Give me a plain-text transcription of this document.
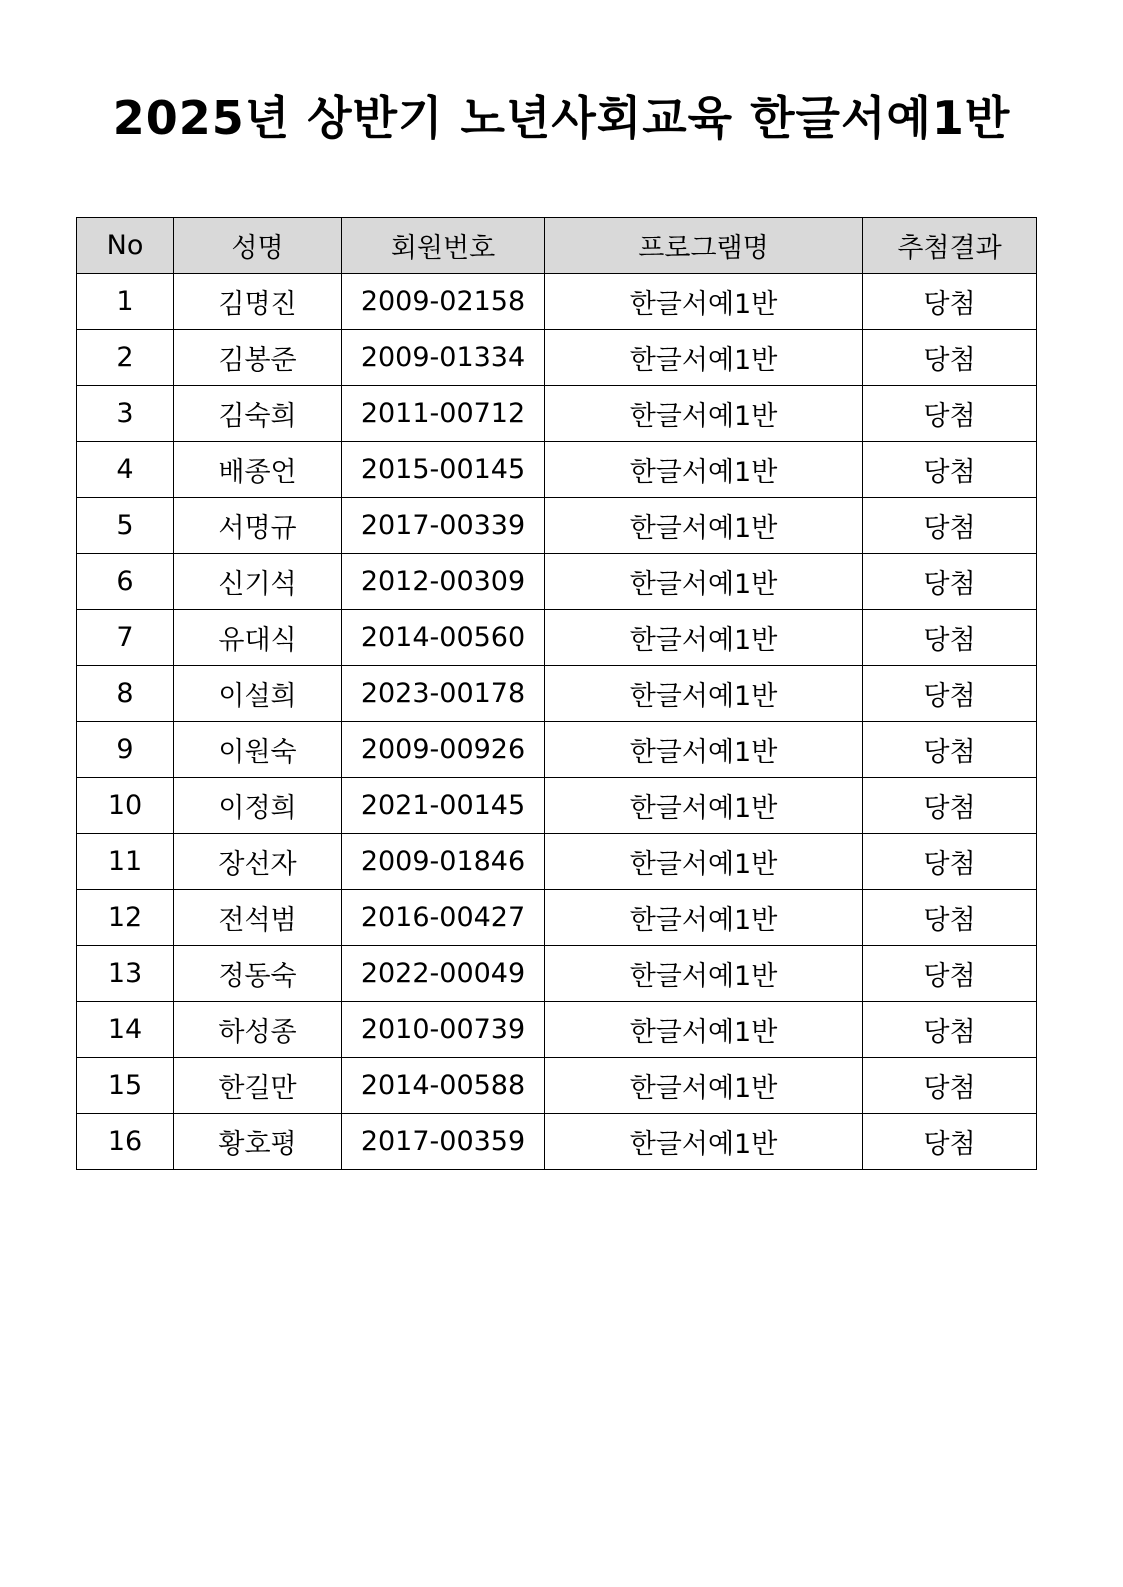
2025년 상반기 노년사회교육 한글서예1반
No	성명	회원번호	프로그램명	추첨결과
1	김명진	2009-02158	한글서예1반	당첨
2	김봉준	2009-01334	한글서예1반	당첨
3	김숙희	2011-00712	한글서예1반	당첨
4	배종언	2015-00145	한글서예1반	당첨
5	서명규	2017-00339	한글서예1반	당첨
6	신기석	2012-00309	한글서예1반	당첨
7	유대식	2014-00560	한글서예1반	당첨
8	이설희	2023-00178	한글서예1반	당첨
9	이원숙	2009-00926	한글서예1반	당첨
10	이정희	2021-00145	한글서예1반	당첨
11	장선자	2009-01846	한글서예1반	당첨
12	전석범	2016-00427	한글서예1반	당첨
13	정동숙	2022-00049	한글서예1반	당첨
14	하성종	2010-00739	한글서예1반	당첨
15	한길만	2014-00588	한글서예1반	당첨
16	황호평	2017-00359	한글서예1반	당첨
